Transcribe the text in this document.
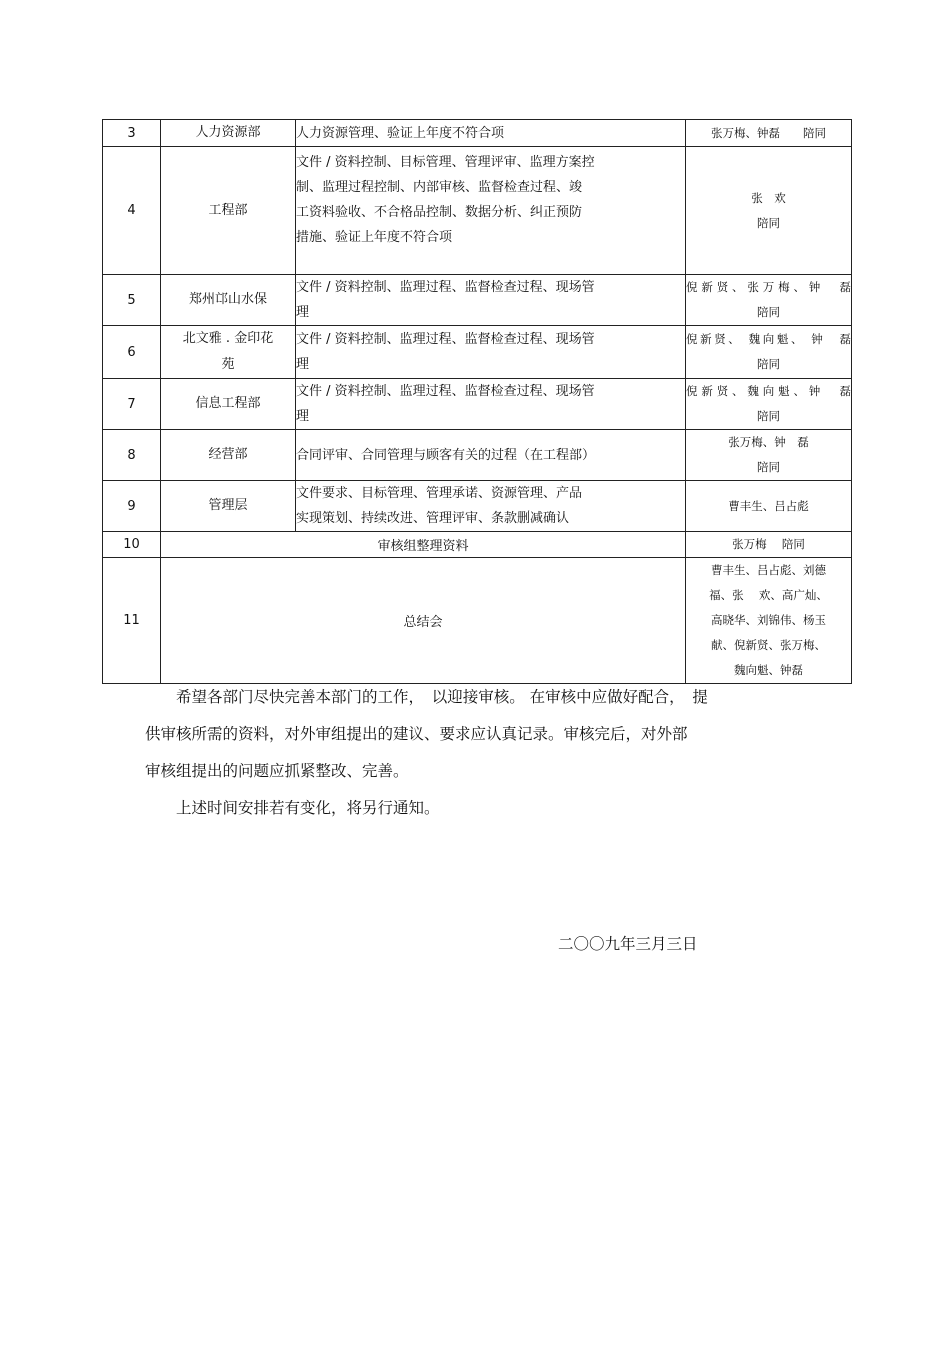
3	人力资源部	人力资源管理、验证上年度不符合项	张万梅、钟磊　　陪同

4	工程部	文件 / 资料控制、目标管理、管理评审、监理方案控
制、监理过程控制、内部审核、监督检查过程、竣
工资料验收、不合格品控制、数据分析、纠正预防
措施、验证上年度不符合项	张　欢
陪同

5	郑州邙山水保	文件 / 资料控制、监理过程、监督检查过程、现场管
理	倪新贤、张万梅、钟　磊
陪同

6	北文雅 . 金印花
苑	文件 / 资料控制、监理过程、监督检查过程、现场管
理	倪新贤、 魏向魁、 钟　磊
陪同

7	信息工程部	文件 / 资料控制、监理过程、监督检查过程、现场管
理	倪新贤、魏向魁、钟　磊
陪同

8	经营部	合同评审、合同管理与顾客有关的过程（在工程部）	张万梅、钟　磊
陪同

9	管理层	文件要求、目标管理、管理承诺、资源管理、产品
实现策划、持续改进、管理评审、条款删减确认	曹丰生、吕占彪

10	审核组整理资料		张万梅　 陪同

11	总结会		曹丰生、吕占彪、刘德
福、张　 欢、高广灿、
高晓华、刘锦伟、杨玉
献、倪新贤、张万梅、
魏向魁、钟磊
　　希望各部门尽快完善本部门的工作，　以迎接审核。 在审核中应做好配合，　提
供审核所需的资料，对外审组提出的建议、要求应认真记录。审核完后，对外部
审核组提出的问题应抓紧整改、完善。
　　上述时间安排若有变化，将另行通知。
二〇〇九年三月三日
